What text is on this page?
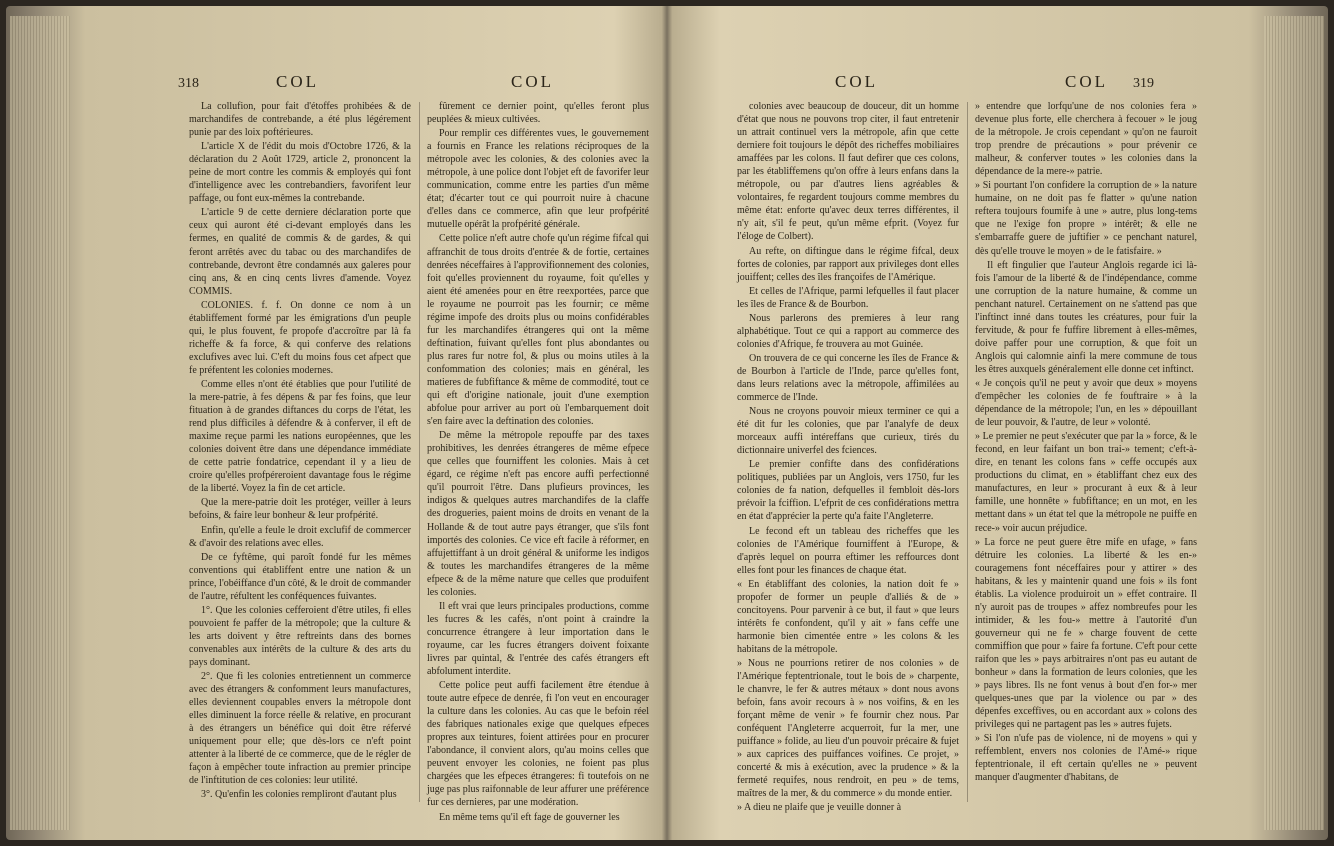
318	COL	COL

La collufion, pour fait d'étoffes prohibées & de marchandifes de contrebande, a été plus légérement punie par des loix poftérieures.

L'article X de l'édit du mois d'Octobre 1726, & la déclaration du 2 Août 1729, article 2, prononcent la peine de mort contre les commis & employés qui font d'intelligence avec les contrebandiers, favorifent leur paffage, ou font eux-mêmes la contrebande.

L'article 9 de cette derniere déclaration porte que ceux qui auront été ci-devant employés dans les fermes, en qualité de commis & de gardes, & qui feront arrêtés avec du tabac ou des marchandifes de contrebande, devront être condamnés aux galeres pour cinq ans, & en cinq cents livres d'amende. Voyez COMMIS.

COLONIES. f. f. On donne ce nom à un établiffement formé par les émigrations d'un peuple qui, le plus fouvent, fe propofe d'accroître par là fa richeffe & fa force, & qui conferve des relations exclufives avec lui. C'eft du moins fous cet afpect que fe préfentent les colonies modernes.

Comme elles n'ont été établies que pour l'utilité de la mere-patrie, à fes dépens & par fes foins, que leur fituation à de grandes diftances du corps de l'état, les rend plus difficiles à défendre & à conferver, il eft de maxime reçue parmi les nations européennes, que les colonies doivent être dans une dépendance immédiate de cette patrie fondatrice, cependant il y a lieu de croire qu'elles profpéreroient davantage fous le régime de la liberté. Voyez la fin de cet article.

Que la mere-patrie doit les protéger, veiller à leurs befoins, & faire leur bonheur & leur profpérité.

Enfin, qu'elle a feule le droit exclufif de commercer & d'avoir des relations avec elles.

De ce fyftême, qui paroît fondé fur les mêmes conventions qui établiffent entre une nation & un prince, l'obéiffance d'un côté, & le droit de commander de l'autre, réfultent les conféquences fuivantes.

1°. Que les colonies cefferoient d'être utiles, fi elles pouvoient fe paffer de la métropole; que la culture & les arts doivent y être reftreints dans des bornes convenables aux intérêts de la culture & des arts du pays dominant.

2°. Que fi les colonies entretiennent un commerce avec des étrangers & confomment leurs manufactures, elles deviennent coupables envers la métropole dont elles diminuent la force réelle & relative, en procurant à des étrangers un bénéfice qui doit être réfervé uniquement pour elle; que dès-lors ce n'eft point attenter à la liberté de ce commerce, que de le régler de façon à empêcher toute infraction au premier principe de l'inftitution de ces colonies: leur utilité.

3°. Qu'enfin les colonies rempliront d'autant plus

fûrement ce dernier point, qu'elles feront plus peuplées & mieux cultivées.

Pour remplir ces différentes vues, le gouvernement a fournis en France les relations réciproques de la métropole avec les colonies, & des colonies avec la métropole, à une police dont l'objet eft de favorifer leur communication, comme entre les parties d'un même état; d'écarter tout ce qui pourroit nuire à chacune d'elles dans ce commerce, afin que leur profpérité mutuelle opérât la profpérité générale.

Cette police n'eft autre chofe qu'un régime fifcal qui affranchit de tous droits d'entrée & de fortie, certaines denrées néceffaires à l'approvifionnement des colonies, foit qu'elles proviennent du royaume, foit qu'elles y aient été amenées pour en être reexportées, parce que le royaume ne pourroit pas les fournir; ce même régime impofe des droits plus ou moins confidérables fur les marchandifes étrangeres qui ont la même deftination, fuivant qu'elles font plus abondantes ou plus rares fur notre fol, & plus ou moins utiles à la confommation des colonies; mais en général, les matieres de fubfiftance & même de commodité, tout ce qui eft d'origine nationale, jouit d'une exemption abfolue pour arriver au port où l'embarquement doit s'en faire avec la deftination des colonies.

De même la métropole repouffe par des taxes prohibitives, les denrées étrangeres de même efpece que celles que fourniffent les colonies. Mais à cet égard, ce régime n'eft pas encore auffi perfectionné qu'il pourroit l'être. Dans plufieurs provinces, les indigos & quelques autres marchandifes de la claffe des drogueries, paient moins de droits en venant de la Hollande & de tout autre pays étranger, que s'ils font importés des colonies. Ce vice eft facile à réformer, en affujettiffant à un droit général & uniforme les indigos & toutes les marchandifes étrangeres de la même efpece & de la même nature que celles que produifent les colonies.

Il eft vrai que leurs principales productions, comme les fucres & les cafés, n'ont point à craindre la concurrence étrangere à leur importation dans le royaume, car les fucres étrangers doivent foixante livres par quintal, & l'entrée des cafés étrangers eft abfolument interdite.

Cette police peut auffi facilement être étendue à toute autre efpece de denrée, fi l'on veut en encourager la culture dans les colonies. Au cas que le befoin réel des fabriques nationales exige que quelques efpeces propres aux teintures, foient attirées pour en procurer l'abondance, il convient alors, qu'au moins celles que peuvent envoyer les colonies, ne foient pas plus chargées que les efpeces étrangeres: fi toutefois on ne juge pas plus raifonnable de leur affurer une préférence fur ces dernieres, par une modération.

En même tems qu'il eft fage de gouverner les

COL	COL 319

colonies avec beaucoup de douceur, dit un homme d'état que nous ne pouvons trop citer, il faut entretenir un attrait continuel vers la métropole, afin que cette derniere foit toujours le dépôt des richeffes mobiliaires amaffées par les colons. Il faut defirer que ces colons, par les établiffemens qu'on offre à leurs enfans dans la métropole, ou par d'autres liens agréables & volontaires, fe regardent toujours comme membres du même état: enforte qu'avec deux terres différentes, il n'y ait, s'il fe peut, qu'un même efprit. (Voyez fur l'éloge de Colbert).

Au refte, on diftingue dans le régime fifcal, deux fortes de colonies, par rapport aux privileges dont elles jouiffent; celles des îles françoifes de l'Amérique.

Et celles de l'Afrique, parmi lefquelles il faut placer les îles de France & de Bourbon.

Nous parlerons des premieres à leur rang alphabétique. Tout ce qui a rapport au commerce des colonies d'Afrique, fe trouvera au mot Guinée.

On trouvera de ce qui concerne les îles de France & de Bourbon à l'article de l'Inde, parce qu'elles font, dans leurs relations avec la métropole, affimilées au commerce de l'Inde.

Nous ne croyons pouvoir mieux terminer ce qui a été dit fur les colonies, que par l'analyfe de deux morceaux auffi intéreffans que curieux, tirés du dictionnaire univerfel des fciences.

Le premier confifte dans des confidérations politiques, publiées par un Anglois, vers 1750, fur les colonies de fa nation, defquelles il fembloit dès-lors prévoir la fciffion. L'efprit de ces confidérations mettra en état d'apprécier la perte qu'a faite l'Angleterre.

Le fecond eft un tableau des richeffes que les colonies de l'Amérique fourniffent à l'Europe, & d'après lequel on pourra eftimer les reffources dont elles font pour les finances de chaque état.

« En établiffant des colonies, la nation doit fe » propofer de former un peuple d'alliés & de » concitoyens. Pour parvenir à ce but, il faut » que leurs intérêts fe confondent, qu'il y ait » fans ceffe une harmonie bien cimentée entre » les colons & les habitans de la métropole.

» Nous ne pourrions retirer de nos colonies » de l'Amérique feptentrionale, tout le bois de » charpente, le chanvre, le fer & autres métaux » dont nous avons befoin, fans avoir recours à » nos voifins, & en les forçant même de venir » fe fournir chez nous. Par conféquent l'Angleterre acquerroit, fur la mer, une puiffance » folide, au lieu d'un pouvoir précaire & fujet » aux caprices des puiffances voifines. Ce projet, » concerté & mis à exécution, avec la prudence » & la fermeté requifes, nous rendroit, en peu » de tems, maîtres de la mer, & du commerce » du monde entier.

» A dieu ne plaife que je veuille donner à

» entendre que lorfqu'une de nos colonies fera » devenue plus forte, elle cherchera à fecouer » le joug de la métropole. Je crois cependant » qu'on ne fauroit trop prendre de précautions » pour prévenir ce malheur, & conferver toutes » les colonies dans la dépendance de la mere-» patrie.

» Si pourtant l'on confidere la corruption de » la nature humaine, on ne doit pas fe flatter » qu'une nation reftera toujours foumife à une » autre, plus long-tems que ne l'exige fon propre » intérêt; & elle ne s'embarraffe guere de juftifier » ce penchant naturel, dès qu'elle trouve le moyen » de le fatisfaire. »

Il eft fingulier que l'auteur Anglois regarde ici là-fois l'amour de la liberté & de l'indépendance, comme une corruption de la nature humaine, & comme un penchant naturel. Certainement on ne s'attend pas que l'inftinct inné dans toutes les créatures, pour fuir la fervitude, & pour fe fuffire librement à elles-mêmes, doive paffer pour une corruption, & que foit un Anglois qui calomnie ainfi la mere commune de tous les êtres auxquels généralement elle donne cet inftinct.

« Je conçois qu'il ne peut y avoir que deux » moyens d'empêcher les colonies de fe fouftraire » à la dépendance de la métropole; l'un, en les » dépouillant de leur pouvoir, & l'autre, de leur » volonté.

» Le premier ne peut s'exécuter que par la » force, & le fecond, en leur faifant un bon trai-» tement; c'eft-à-dire, en tenant les colons fans » ceffe occupés aux productions du climat, en » établiffant chez eux des manufactures, en leur » procurant à eux & à leur famille, une honnête » fubfiftance; en un mot, en les mettant dans » un état tel que la métropole ne puiffe en rece-» voir aucun préjudice.

» La force ne peut guere être mife en ufage, » fans détruire les colonies. La liberté & les en-» couragemens font néceffaires pour y attirer » des habitans, & les y maintenir quand une fois » ils font établis. La violence produiroit un » effet contraire. Il n'y auroit pas de troupes » affez nombreufes pour les intimider, & les fou-» mettre à l'autorité d'un gouverneur qui ne fe » charge fouvent de cette commiffion que pour » faire fa fortune. C'eft pour cette raifon que les » pays arbitraires n'ont pas eu autant de bonheur » dans la formation de leurs colonies, que les » pays libres. Ils ne font venus à bout d'en for-» mer quelques-unes que par la violence ou par » des dépenfes exceffives, ou en accordant aux » colons des privileges qui ne partagent pas les » autres fujets.

» Si l'on n'ufe pas de violence, ni de moyens » qui y reffemblent, envers nos colonies de l'Amé-» rique feptentrionale, il eft certain qu'elles ne » peuvent manquer d'augmenter d'habitans, de
